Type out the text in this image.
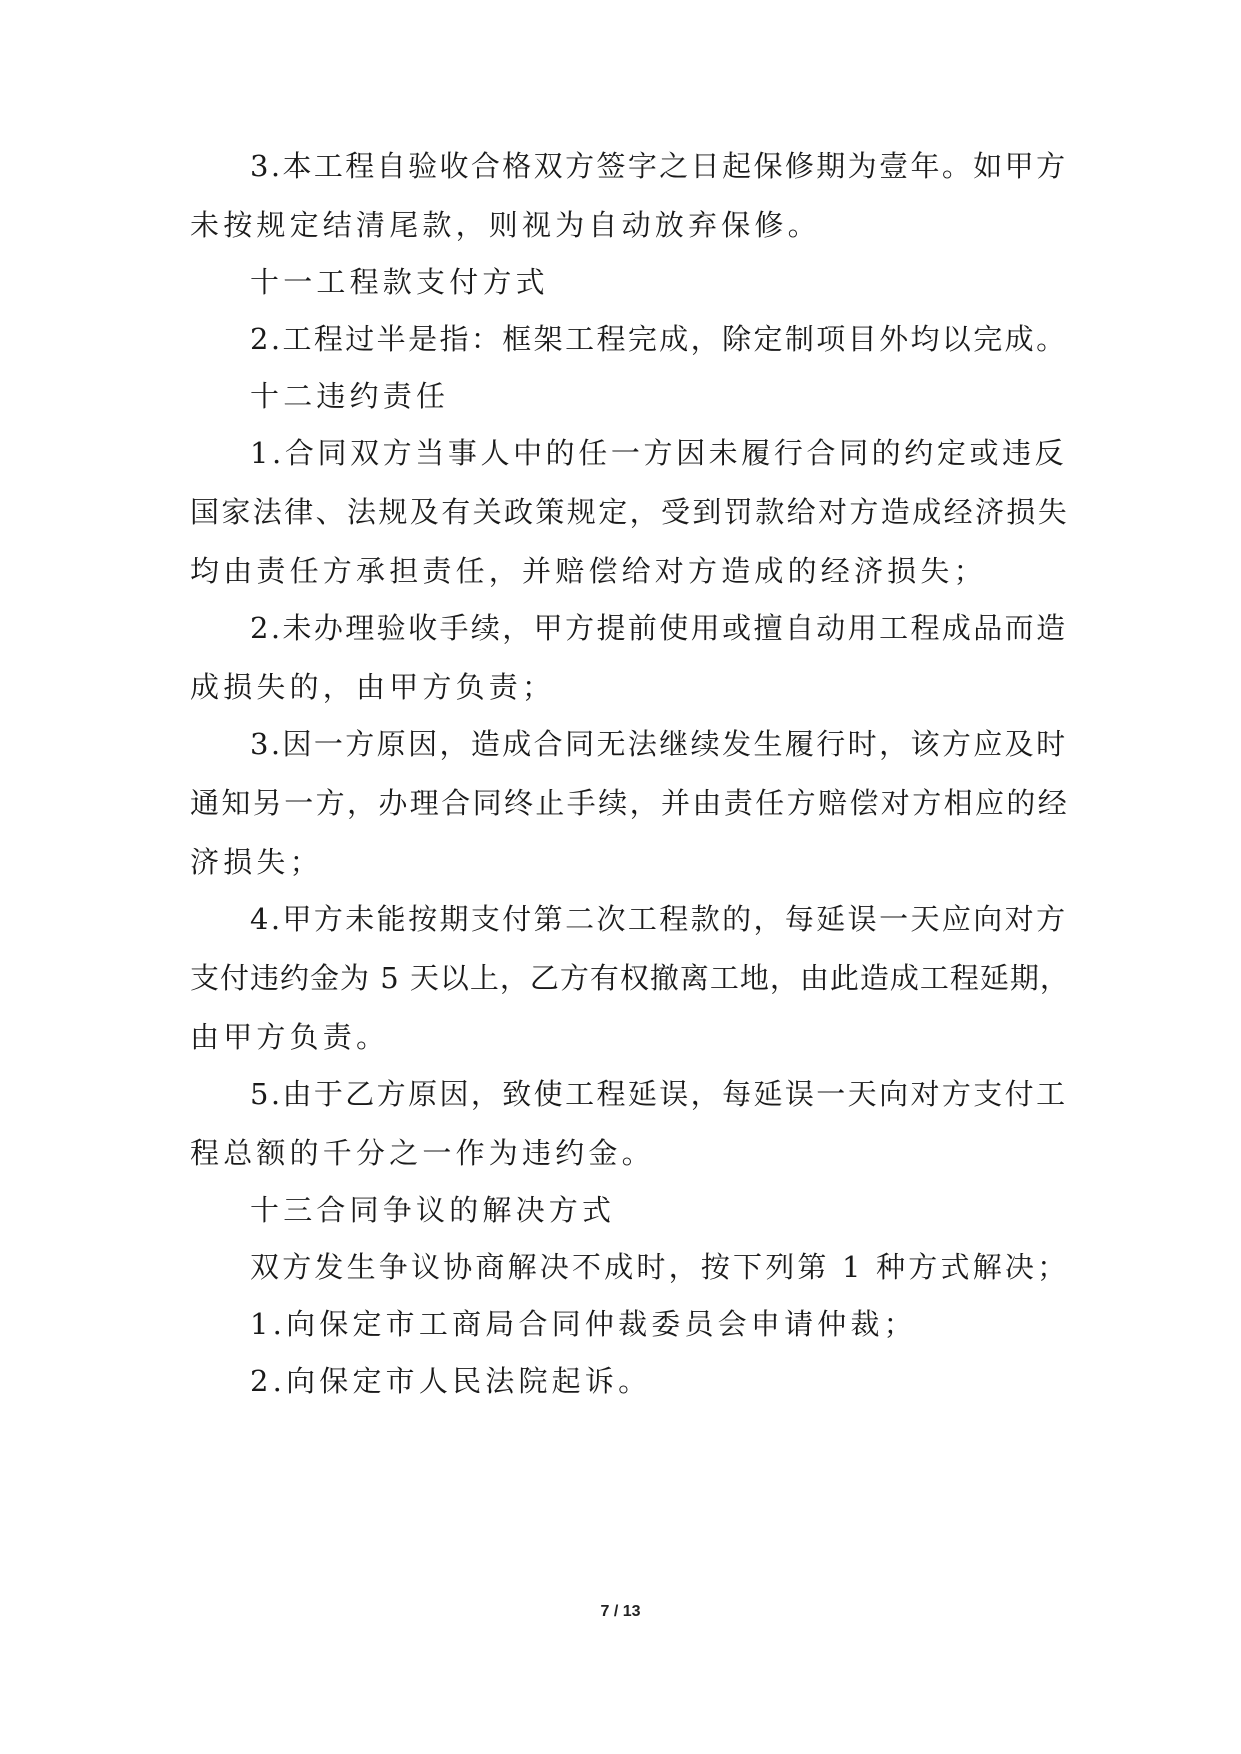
3.本工程自验收合格双方签字之日起保修期为壹年。如甲方
未按规定结清尾款，则视为自动放弃保修。
十一工程款支付方式
2.工程过半是指：框架工程完成，除定制项目外均以完成。
十二违约责任
1.合同双方当事人中的任一方因未履行合同的约定或违反
国家法律、法规及有关政策规定，受到罚款给对方造成经济损失
均由责任方承担责任，并赔偿给对方造成的经济损失；
2.未办理验收手续，甲方提前使用或擅自动用工程成品而造
成损失的，由甲方负责；
3.因一方原因，造成合同无法继续发生履行时，该方应及时
通知另一方，办理合同终止手续，并由责任方赔偿对方相应的经
济损失；
4.甲方未能按期支付第二次工程款的，每延误一天应向对方
支付违约金为 5 天以上，乙方有权撤离工地，由此造成工程延期，
由甲方负责。
5.由于乙方原因，致使工程延误，每延误一天向对方支付工
程总额的千分之一作为违约金。
十三合同争议的解决方式
双方发生争议协商解决不成时，按下列第 1 种方式解决；
1.向保定市工商局合同仲裁委员会申请仲裁；
2.向保定市人民法院起诉。
7 / 13
